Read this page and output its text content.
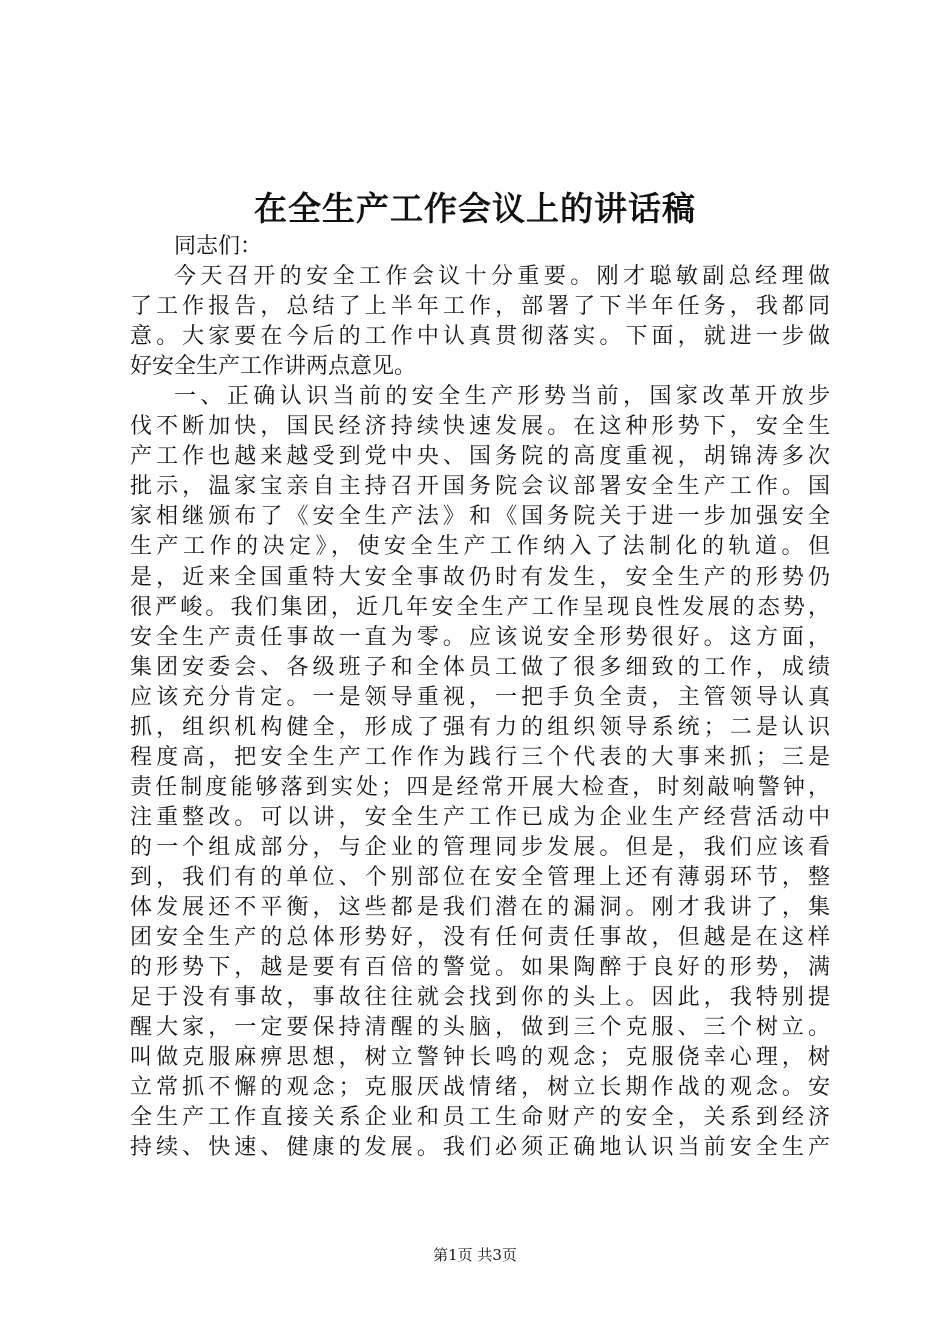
在全生产工作会议上的讲话稿
同志们：
今天召开的安全工作会议十分重要。刚才聪敏副总经理做
了工作报告，总结了上半年工作，部署了下半年任务，我都同
意。大家要在今后的工作中认真贯彻落实。下面，就进一步做
好安全生产工作讲两点意见。
一、正确认识当前的安全生产形势当前，国家改革开放步
伐不断加快，国民经济持续快速发展。在这种形势下，安全生
产工作也越来越受到党中央、国务院的高度重视，胡锦涛多次
批示，温家宝亲自主持召开国务院会议部署安全生产工作。国
家相继颁布了《安全生产法》和《国务院关于进一步加强安全
生产工作的决定》，使安全生产工作纳入了法制化的轨道。但
是，近来全国重特大安全事故仍时有发生，安全生产的形势仍
很严峻。我们集团，近几年安全生产工作呈现良性发展的态势，
安全生产责任事故一直为零。应该说安全形势很好。这方面，
集团安委会、各级班子和全体员工做了很多细致的工作，成绩
应该充分肯定。一是领导重视，一把手负全责，主管领导认真
抓，组织机构健全，形成了强有力的组织领导系统；二是认识
程度高，把安全生产工作作为践行三个代表的大事来抓；三是
责任制度能够落到实处；四是经常开展大检查，时刻敲响警钟，
注重整改。可以讲，安全生产工作已成为企业生产经营活动中
的一个组成部分，与企业的管理同步发展。但是，我们应该看
到，我们有的单位、个别部位在安全管理上还有薄弱环节，整
体发展还不平衡，这些都是我们潜在的漏洞。刚才我讲了，集
团安全生产的总体形势好，没有任何责任事故，但越是在这样
的形势下，越是要有百倍的警觉。如果陶醉于良好的形势，满
足于没有事故，事故往往就会找到你的头上。因此，我特别提
醒大家，一定要保持清醒的头脑，做到三个克服、三个树立。
叫做克服麻痹思想，树立警钟长鸣的观念；克服侥幸心理，树
立常抓不懈的观念；克服厌战情绪，树立长期作战的观念。安
全生产工作直接关系企业和员工生命财产的安全，关系到经济
持续、快速、健康的发展。我们必须正确地认识当前安全生产
第1页 共3页
